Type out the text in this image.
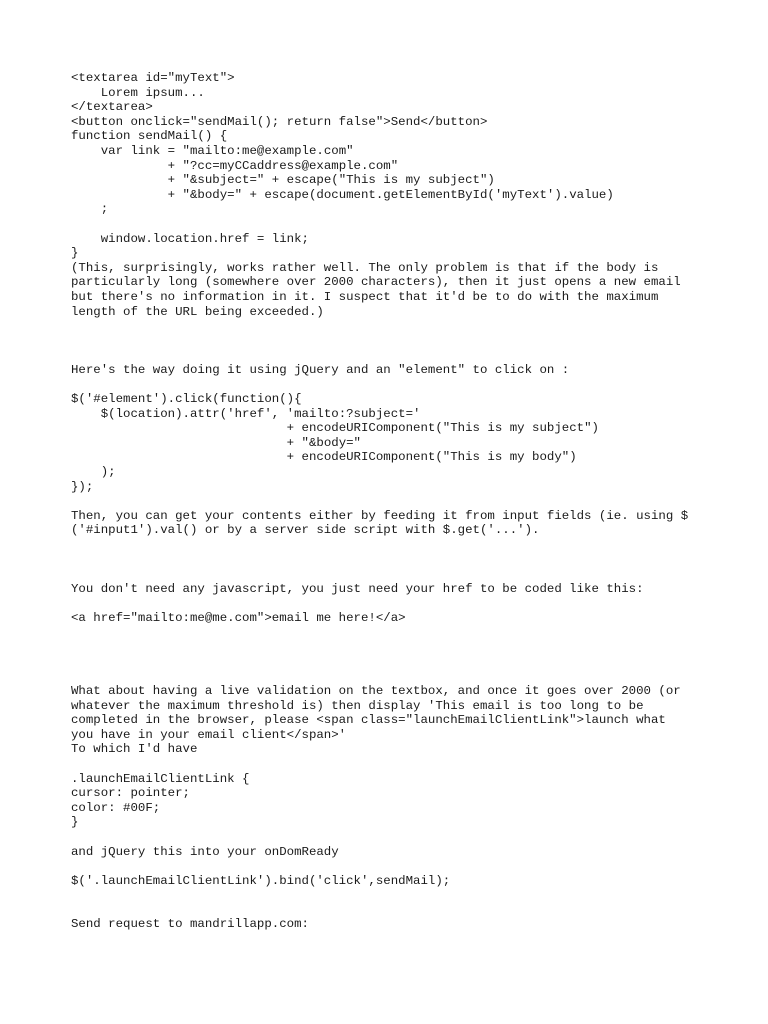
<textarea id="myText">
Lorem ipsum...
</textarea>
<button onclick="sendMail(); return false">Send</button>
function sendMail() {
var link = "mailto:me@example.com"
+ "?cc=myCCaddress@example.com"
+ "&subject=" + escape("This is my subject")
+ "&body=" + escape(document.getElementById('myText').value)
;

window.location.href = link;
}
(This, surprisingly, works rather well. The only problem is that if the body is
particularly long (somewhere over 2000 characters), then it just opens a new email
but there's no information in it. I suspect that it'd be to do with the maximum
length of the URL being exceeded.)
Here's the way doing it using jQuery and an "element" to click on :
$('#element').click(function(){
$(location).attr('href', 'mailto:?subject='
+ encodeURIComponent("This is my subject")
+ "&body="
+ encodeURIComponent("This is my body")
);
});
Then, you can get your contents either by feeding it from input fields (ie. using $
('#input1').val() or by a server side script with $.get('...').
You don't need any javascript, you just need your href to be coded like this:
<a href="mailto:me@me.com">email me here!</a>
What about having a live validation on the textbox, and once it goes over 2000 (or
whatever the maximum threshold is) then display 'This email is too long to be
completed in the browser, please <span class="launchEmailClientLink">launch what
you have in your email client</span>'
To which I'd have
.launchEmailClientLink {
cursor: pointer;
color: #00F;
}
and jQuery this into your onDomReady
$('.launchEmailClientLink').bind('click',sendMail);
Send request to mandrillapp.com:
